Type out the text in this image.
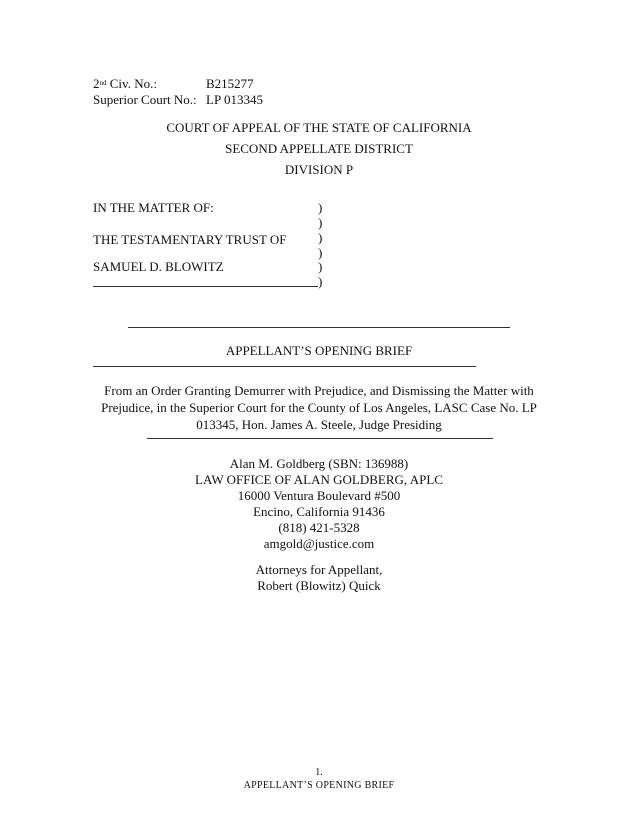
2nd Civ. No.:	B215277
Superior Court No.: LP 013345
COURT OF APPEAL OF THE STATE OF CALIFORNIA
SECOND APPELLATE DISTRICT
DIVISION P
IN THE MATTER OF:
THE TESTAMENTARY TRUST OF
SAMUEL D. BLOWITZ
)
)
)
)
)
)
APPELLANT’S OPENING BRIEF
From an Order Granting Demurrer with Prejudice, and Dismissing the Matter with
Prejudice, in the Superior Court for the County of Los Angeles, LASC Case No. LP
013345, Hon. James A. Steele, Judge Presiding
Alan M. Goldberg (SBN: 136988)
LAW OFFICE OF ALAN GOLDBERG, APLC
16000 Ventura Boulevard #500
Encino, California 91436
(818) 421-5328
amgold@justice.com
Attorneys for Appellant,
Robert (Blowitz) Quick
1.
APPELLANT’S OPENING BRIEF
